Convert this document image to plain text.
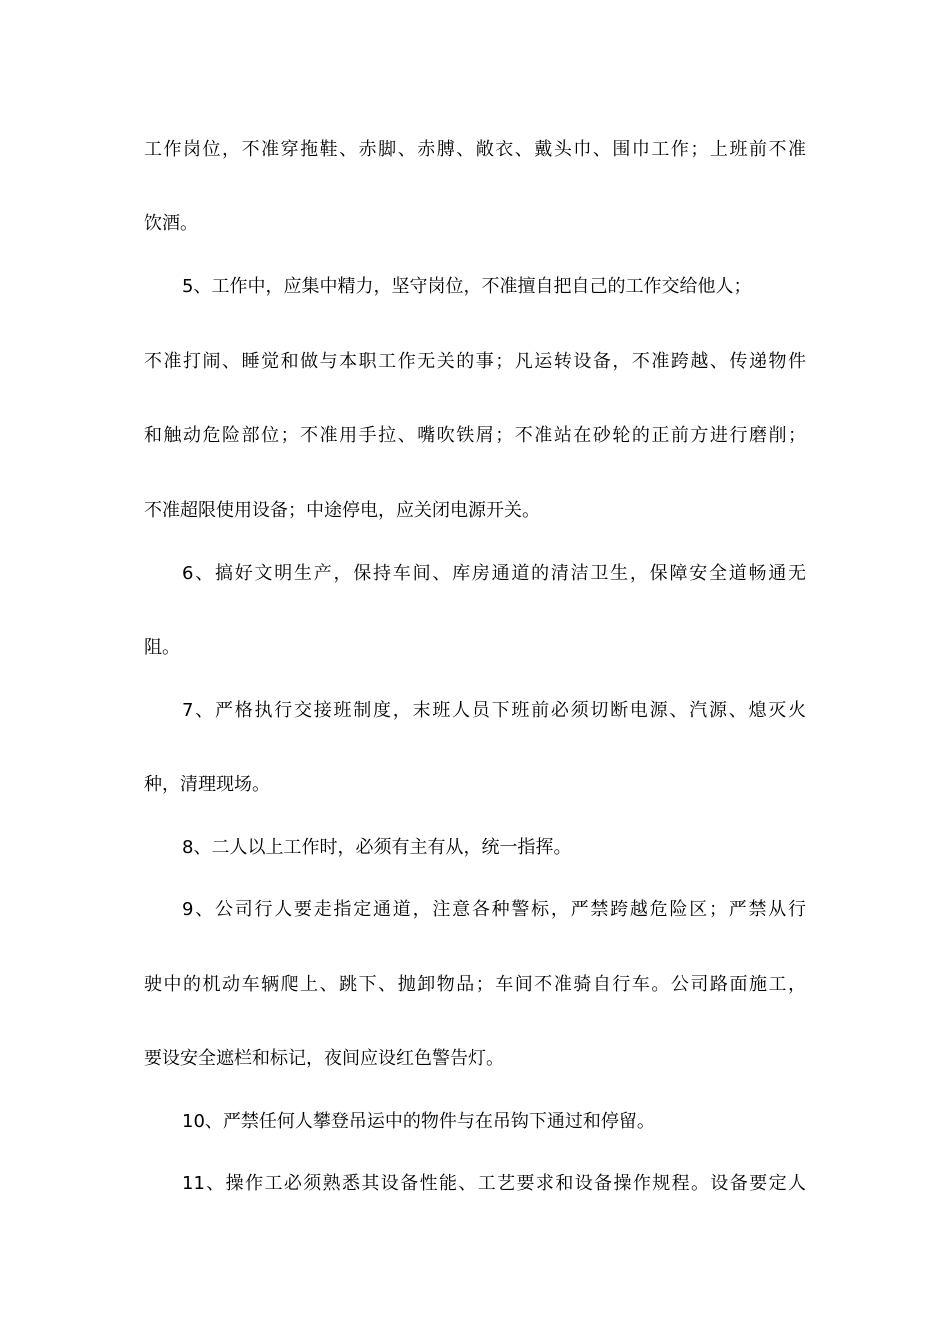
工作岗位，不准穿拖鞋、赤脚、赤膊、敞衣、戴头巾、围巾工作；上班前不准
饮酒。
5、工作中，应集中精力，坚守岗位，不准擅自把自己的工作交给他人；
不准打闹、睡觉和做与本职工作无关的事；凡运转设备，不准跨越、传递物件
和触动危险部位；不准用手拉、嘴吹铁屑；不准站在砂轮的正前方进行磨削；
不准超限使用设备；中途停电，应关闭电源开关。
6、搞好文明生产，保持车间、库房通道的清洁卫生，保障安全道畅通无
阻。
7、严格执行交接班制度，末班人员下班前必须切断电源、汽源、熄灭火
种，清理现场。
8、二人以上工作时，必须有主有从，统一指挥。
9、公司行人要走指定通道，注意各种警标，严禁跨越危险区；严禁从行
驶中的机动车辆爬上、跳下、抛卸物品；车间不准骑自行车。公司路面施工，
要设安全遮栏和标记，夜间应设红色警告灯。
10、严禁任何人攀登吊运中的物件与在吊钩下通过和停留。
11、操作工必须熟悉其设备性能、工艺要求和设备操作规程。设备要定人
